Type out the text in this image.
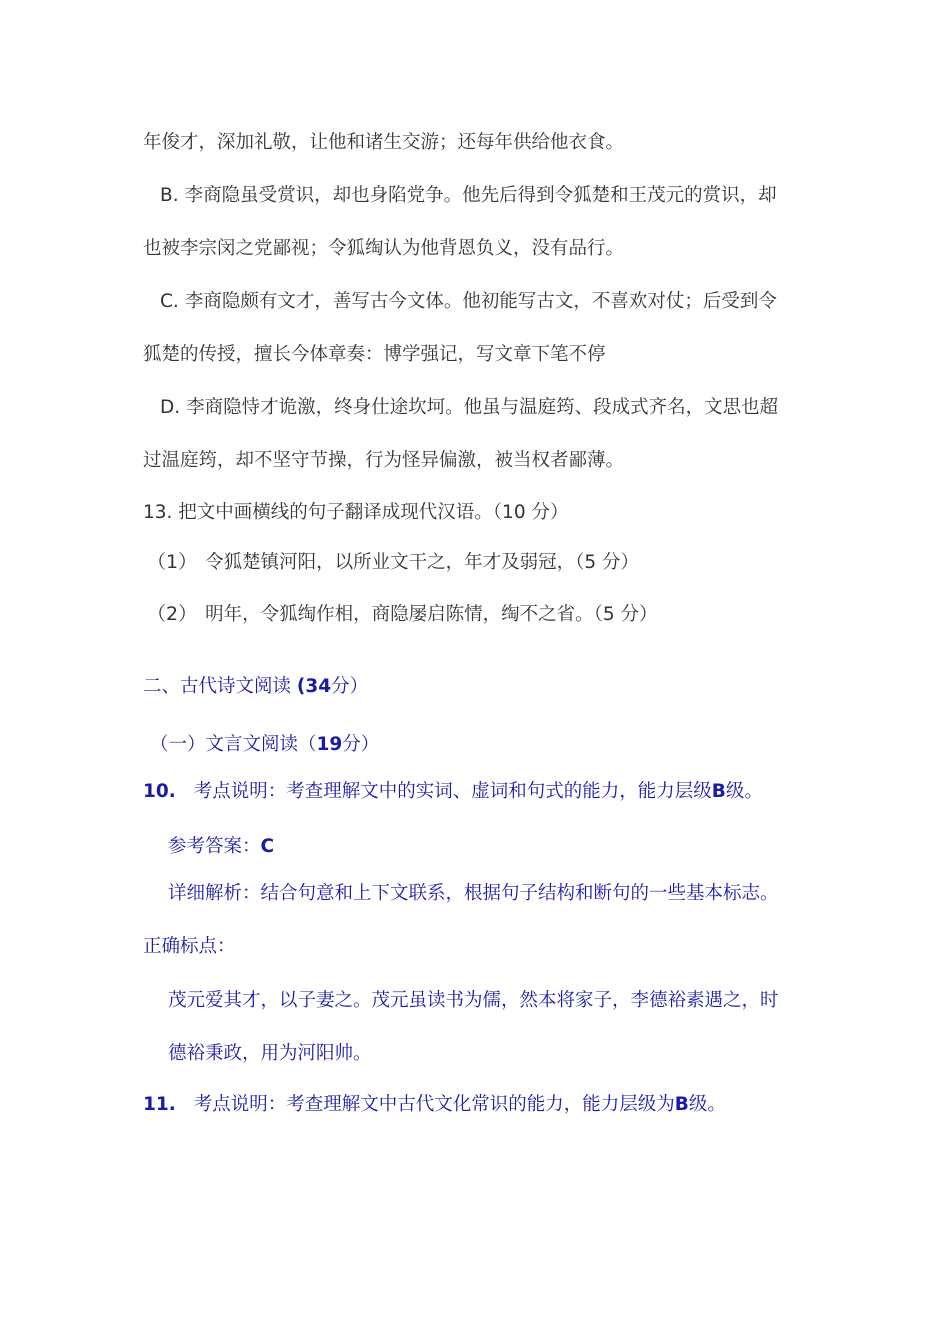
年俊才，深加礼敬，让他和诸生交游；还每年供给他衣食。
B. 李商隐虽受赏识，却也身陷党争。他先后得到令狐楚和王茂元的赏识，却
也被李宗闵之党鄙视；令狐绹认为他背恩负义，没有品行。
C. 李商隐颇有文才，善写古今文体。他初能写古文，不喜欢对仗；后受到令
狐楚的传授，擅长今体章奏：博学强记，写文章下笔不停
D. 李商隐恃才诡激，终身仕途坎坷。他虽与温庭筠、段成式齐名，文思也超
过温庭筠，却不坚守节操，行为怪异偏激，被当权者鄙薄。
13. 把文中画横线的句子翻译成现代汉语。（10 分）
（1） 令狐楚镇河阳，以所业文干之，年才及弱冠，（5 分）
（2） 明年，令狐绹作相，商隐屡启陈情，绹不之省。（5 分）
二、古代诗文阅读 (34分）
（一）文言文阅读（19分）
10. 考点说明：考查理解文中的实词、虚词和句式的能力，能力层级B级。
参考答案：C
详细解析：结合句意和上下文联系，根据句子结构和断句的一些基本标志。
正确标点：
茂元爱其才，以子妻之。茂元虽读书为儒，然本将家子，李德裕素遇之，时
德裕秉政，用为河阳帅。
11. 考点说明：考查理解文中古代文化常识的能力，能力层级为B级。
